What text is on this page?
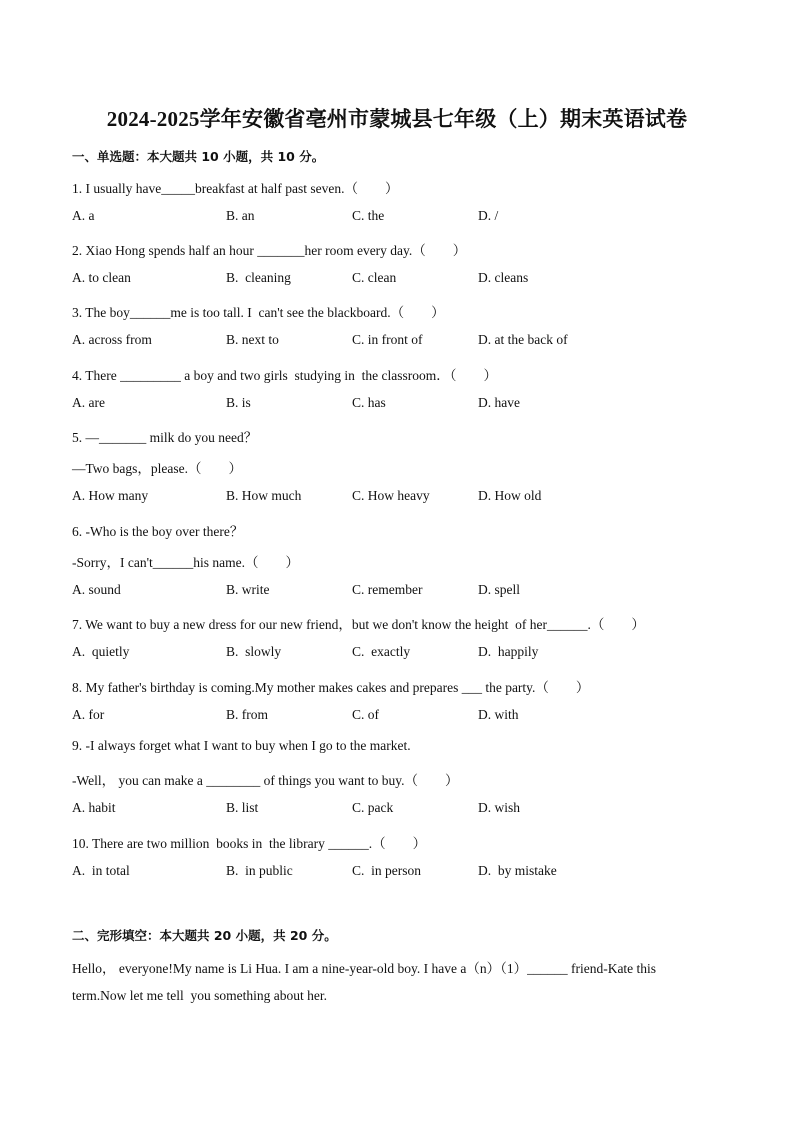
2024-2025学年安徽省亳州市蒙城县七年级（上）期末英语试卷
一、单选题：本大题共 10 小题，共 10 分。
1. I usually have_____breakfast at half past seven.（　　）
A. a	B. an	C. the	D. /
2. Xiao Hong spends half an hour _______her room every day.（　　）
A. to clean	B.  cleaning	C. clean	D. cleans
3. The boy______me is too tall. I  can't see the blackboard.（　　）
A. across from	B. next to	C. in front of	D. at the back of
4. There _________ a boy and two girls  studying in  the classroom．（　　）
A. are	B. is	C. has	D. have
5. —_______ milk do you need？
—Two bags，please.（　　）
A. How many	B. How much	C. How heavy	D. How old
6. -Who is the boy over there？
-Sorry，I can't______his name.（　　）
A. sound	B. write	C. remember	D. spell
7. We want to buy a new dress for our new friend，but we don't know the height  of her______.（　　）
A.  quietly	B.  slowly	C.  exactly	D.  happily
8. My father's birthday is coming.My mother makes cakes and prepares ___ the party.（　　）
A. for	B. from	C. of	D. with
9. -I always forget what I want to buy when I go to the market.
-Well， you can make a ________ of things you want to buy.（　　）
A. habit	B. list	C. pack	D. wish
10. There are two million  books in  the library ______.（　　）
A.  in total	B.  in public	C.  in person	D.  by mistake
二、完形填空：本大题共 20 小题，共 20 分。
Hello， everyone!My name is Li Hua. I am a nine-year-old boy. I have a（n）（1）______ friend-Kate this
term.Now let me tell  you something about her.
